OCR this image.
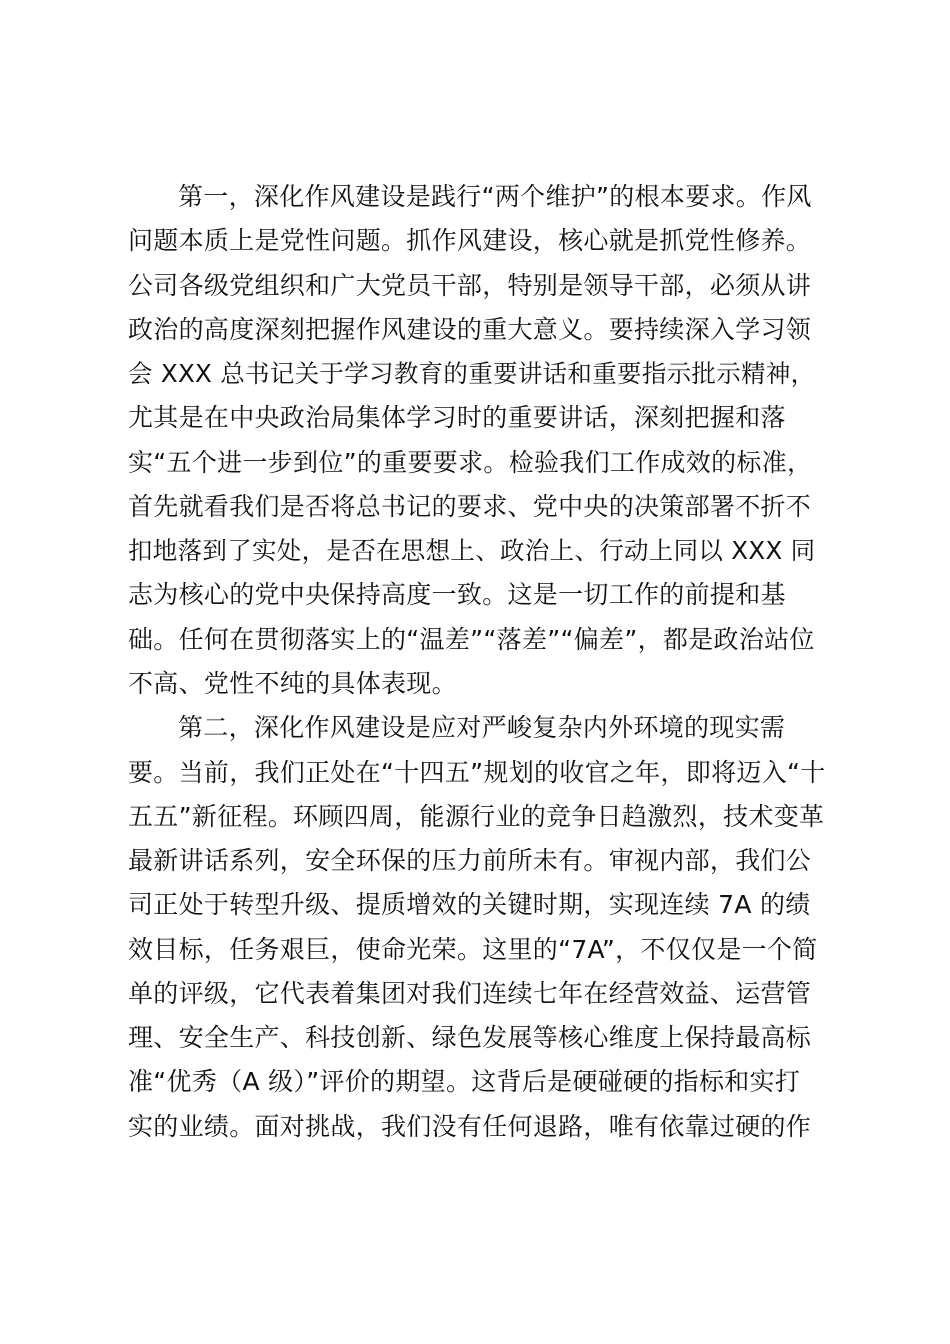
第一，深化作风建设是践行“两个维护”的根本要求。作风
问题本质上是党性问题。抓作风建设，核心就是抓党性修养。
公司各级党组织和广大党员干部，特别是领导干部，必须从讲
政治的高度深刻把握作风建设的重大意义。要持续深入学习领
会 XXX 总书记关于学习教育的重要讲话和重要指示批示精神，
尤其是在中央政治局集体学习时的重要讲话，深刻把握和落
实“五个进一步到位”的重要要求。检验我们工作成效的标准，
首先就看我们是否将总书记的要求、党中央的决策部署不折不
扣地落到了实处，是否在思想上、政治上、行动上同以 XXX 同
志为核心的党中央保持高度一致。这是一切工作的前提和基
础。任何在贯彻落实上的“温差”“落差”“偏差”，都是政治站位
不高、党性不纯的具体表现。
第二，深化作风建设是应对严峻复杂内外环境的现实需
要。当前，我们正处在“十四五”规划的收官之年，即将迈入“十
五五”新征程。环顾四周，能源行业的竞争日趋激烈，技术变革
最新讲话系列，安全环保的压力前所未有。审视内部，我们公
司正处于转型升级、提质增效的关键时期，实现连续 7A 的绩
效目标，任务艰巨，使命光荣。这里的“7A”，不仅仅是一个简
单的评级，它代表着集团对我们连续七年在经营效益、运营管
理、安全生产、科技创新、绿色发展等核心维度上保持最高标
准“优秀（A 级）”评价的期望。这背后是硬碰硬的指标和实打
实的业绩。面对挑战，我们没有任何退路，唯有依靠过硬的作
